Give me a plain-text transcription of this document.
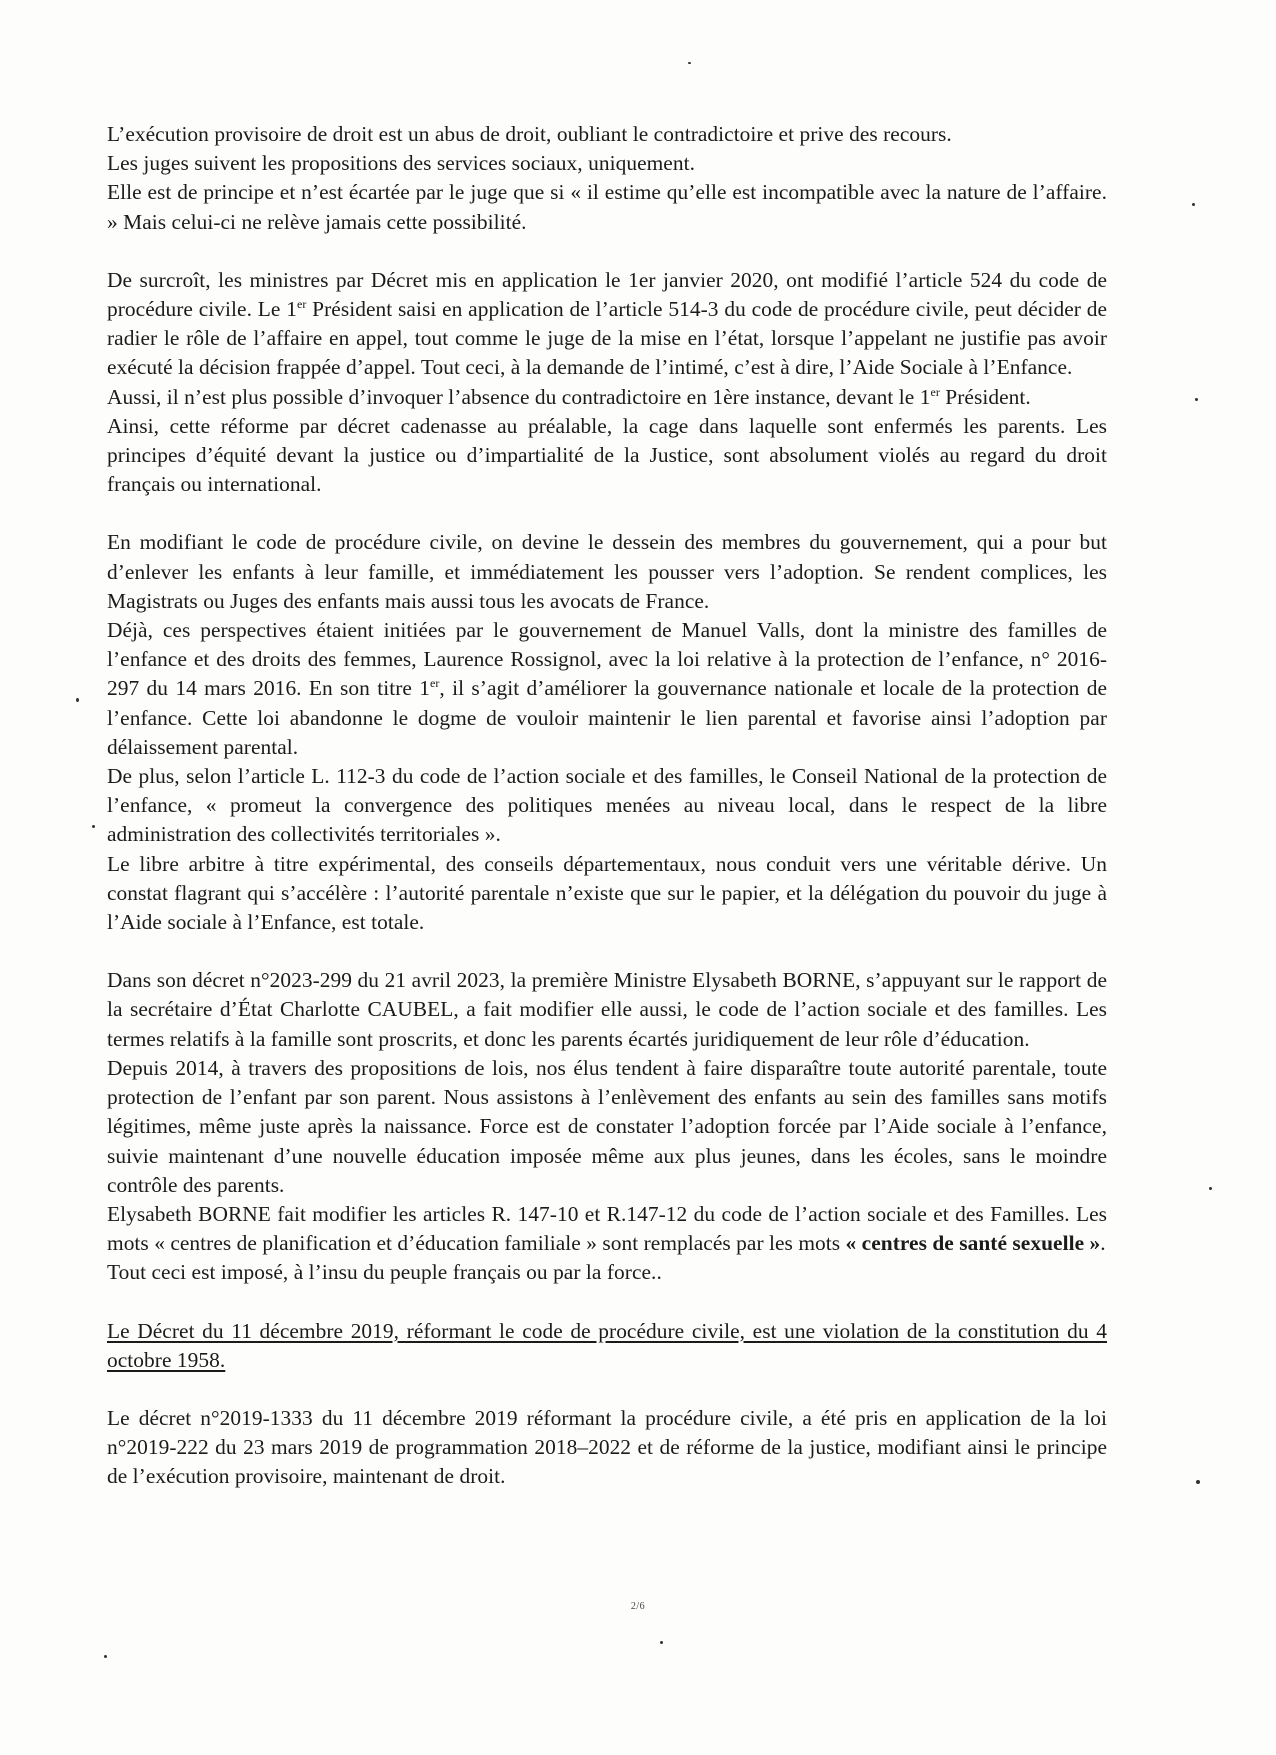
L’exécution provisoire de droit est un abus de droit, oubliant le contradictoire et prive des recours.

Les juges suivent les propositions des services sociaux, uniquement.

Elle est de principe et n’est écartée par le juge que si « il estime qu’elle est incompatible avec la nature de l’affaire. » Mais celui-ci ne relève jamais cette possibilité.

De surcroît, les ministres par Décret mis en application le 1er janvier 2020, ont modifié l’article 524 du code de procédure civile. Le 1er Président saisi en application de l’article 514-3 du code de procédure civile, peut décider de radier le rôle de l’affaire en appel, tout comme le juge de la mise en l’état, lorsque l’appelant ne justifie pas avoir exécuté la décision frappée d’appel. Tout ceci, à la demande de l’intimé, c’est à dire, l’Aide Sociale à l’Enfance.

Aussi, il n’est plus possible d’invoquer l’absence du contradictoire en 1ère instance, devant le 1er Président.

Ainsi, cette réforme par décret cadenasse au préalable, la cage dans laquelle sont enfermés les parents. Les principes d’équité devant la justice ou d’impartialité de la Justice, sont absolument violés au regard du droit français ou international.

En modifiant le code de procédure civile, on devine le dessein des membres du gouvernement, qui a pour but d’enlever les enfants à leur famille, et immédiatement les pousser vers l’adoption. Se rendent complices, les Magistrats ou Juges des enfants mais aussi tous les avocats de France.

Déjà, ces perspectives étaient initiées par le gouvernement de Manuel Valls, dont la ministre des familles de l’enfance et des droits des femmes, Laurence Rossignol, avec la loi relative à la protection de l’enfance, n° 2016-297 du 14 mars 2016. En son titre 1er, il s’agit d’améliorer la gouvernance nationale et locale de la protection de l’enfance. Cette loi abandonne le dogme de vouloir maintenir le lien parental et favorise ainsi l’adoption par délaissement parental.

De plus, selon l’article L. 112-3 du code de l’action sociale et des familles, le Conseil National de la protection de l’enfance, « promeut la convergence des politiques menées au niveau local, dans le respect de la libre administration des collectivités territoriales ».

Le libre arbitre à titre expérimental, des conseils départementaux, nous conduit vers une véritable dérive. Un constat flagrant qui s’accélère : l’autorité parentale n’existe que sur le papier, et la délégation du pouvoir du juge à l’Aide sociale à l’Enfance, est totale.

Dans son décret n°2023-299 du 21 avril 2023, la première Ministre Elysabeth BORNE, s’appuyant sur le rapport de la secrétaire d’État Charlotte CAUBEL, a fait modifier elle aussi, le code de l’action sociale et des familles. Les termes relatifs à la famille sont proscrits, et donc les parents écartés juridiquement de leur rôle d’éducation.

Depuis 2014, à travers des propositions de lois, nos élus tendent à faire disparaître toute autorité parentale, toute protection de l’enfant par son parent. Nous assistons à l’enlèvement des enfants au sein des familles sans motifs légitimes, même juste après la naissance. Force est de constater l’adoption forcée par l’Aide sociale à l’enfance, suivie maintenant d’une nouvelle éducation imposée même aux plus jeunes, dans les écoles, sans le moindre contrôle des parents.

Elysabeth BORNE fait modifier les articles R. 147-10 et R.147-12 du code de l’action sociale et des Familles. Les mots « centres de planification et d’éducation familiale » sont remplacés par les mots « centres de santé sexuelle ».

Tout ceci est imposé, à l’insu du peuple français ou par la force..

Le Décret du 11 décembre 2019, réformant le code de procédure civile, est une violation de la constitution du 4 octobre 1958.

Le décret n°2019-1333 du 11 décembre 2019 réformant la procédure civile, a été pris en application de la loi n°2019-222 du 23 mars 2019 de programmation 2018–2022 et de réforme de la justice, modifiant ainsi le principe de l’exécution provisoire, maintenant de droit.

2/6
